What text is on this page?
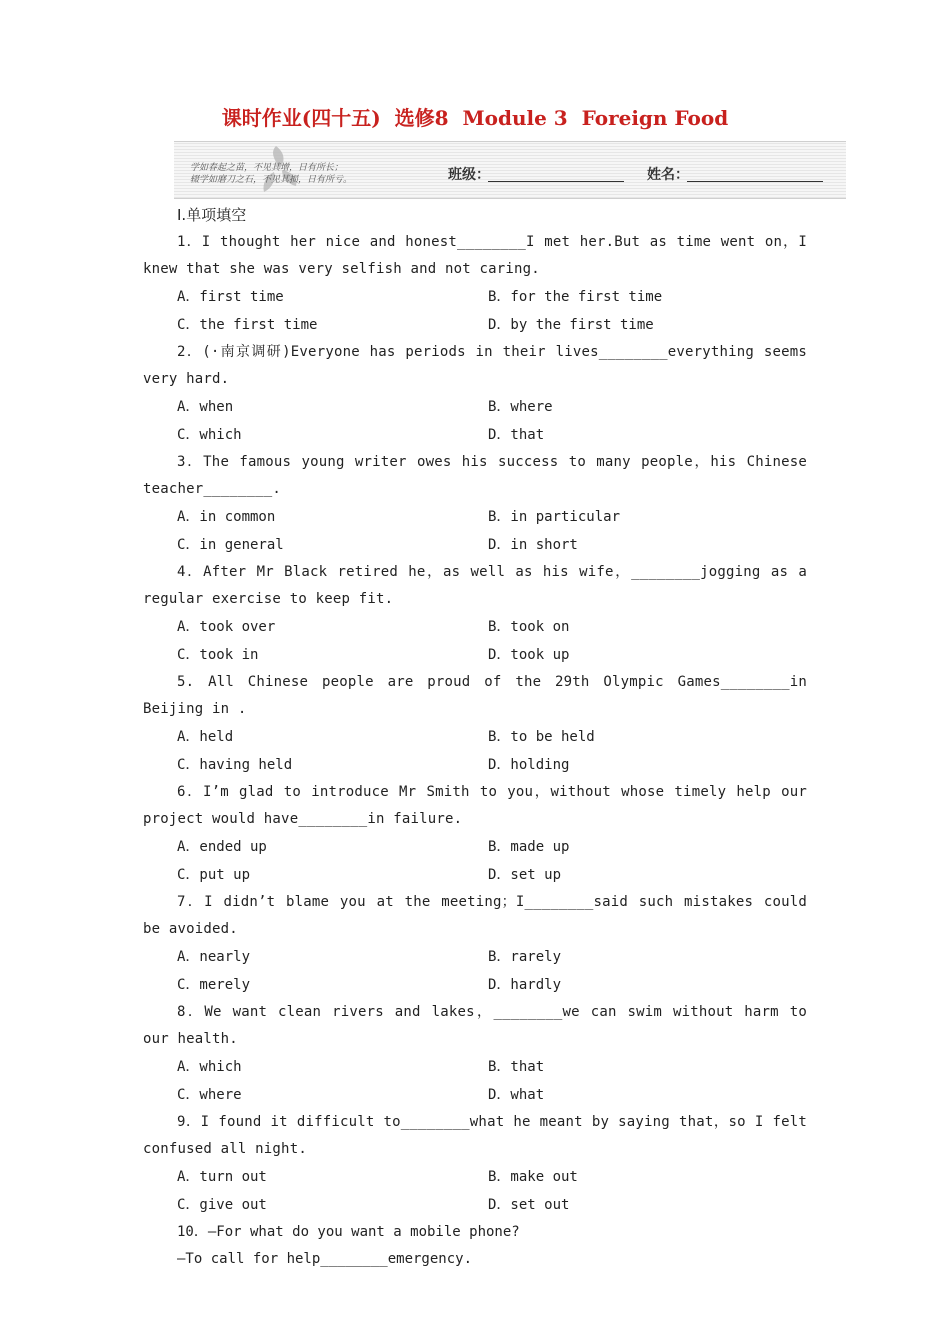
课时作业(四十五)  选修8  Module 3  Foreign Food
学如春起之苗，不见其增，日有所长；
辍学如磨刀之石，不见其损，日有所亏。	班级：	姓名：
Ⅰ.单项填空

1．I thought her nice and honest________I met her.But as time went on，I knew that she was very selfish and not caring.

A．first time	B．for the first time
C．the first time	D．by the first time

2．(·南京调研)Everyone has periods in their lives________everything seems very hard.

A．when	B．where
C．which	D．that

3．The famous young writer owes his success to many people，his Chinese teacher________.

A．in common	B．in particular
C．in general	D．in short

4．After Mr Black retired he，as well as his wife，________jogging as a regular exercise to keep fit.

A．took over	B．took on
C．took in	D．took up

5. All Chinese people are proud of the 29th Olympic Games________in Beijing in .

A．held	B．to be held
C．having held	D．holding

6．I’m glad to introduce Mr Smith to you，without whose timely help our project would have________in failure.

A．ended up	B．made up
C．put up	D．set up

7．I didn’t blame you at the meeting；I________said such mistakes could be avoided.

A．nearly	B．rarely
C．merely	D．hardly

8．We want clean rivers and lakes，________we can swim without harm to our health.

A．which	B．that
C．where	D．what

9．I found it difficult to________what he meant by saying that，so I felt confused all night.

A．turn out	B．make out
C．give out	D．set out
10．—For what do you want a mobile phone?
—To call for help________emergency.
